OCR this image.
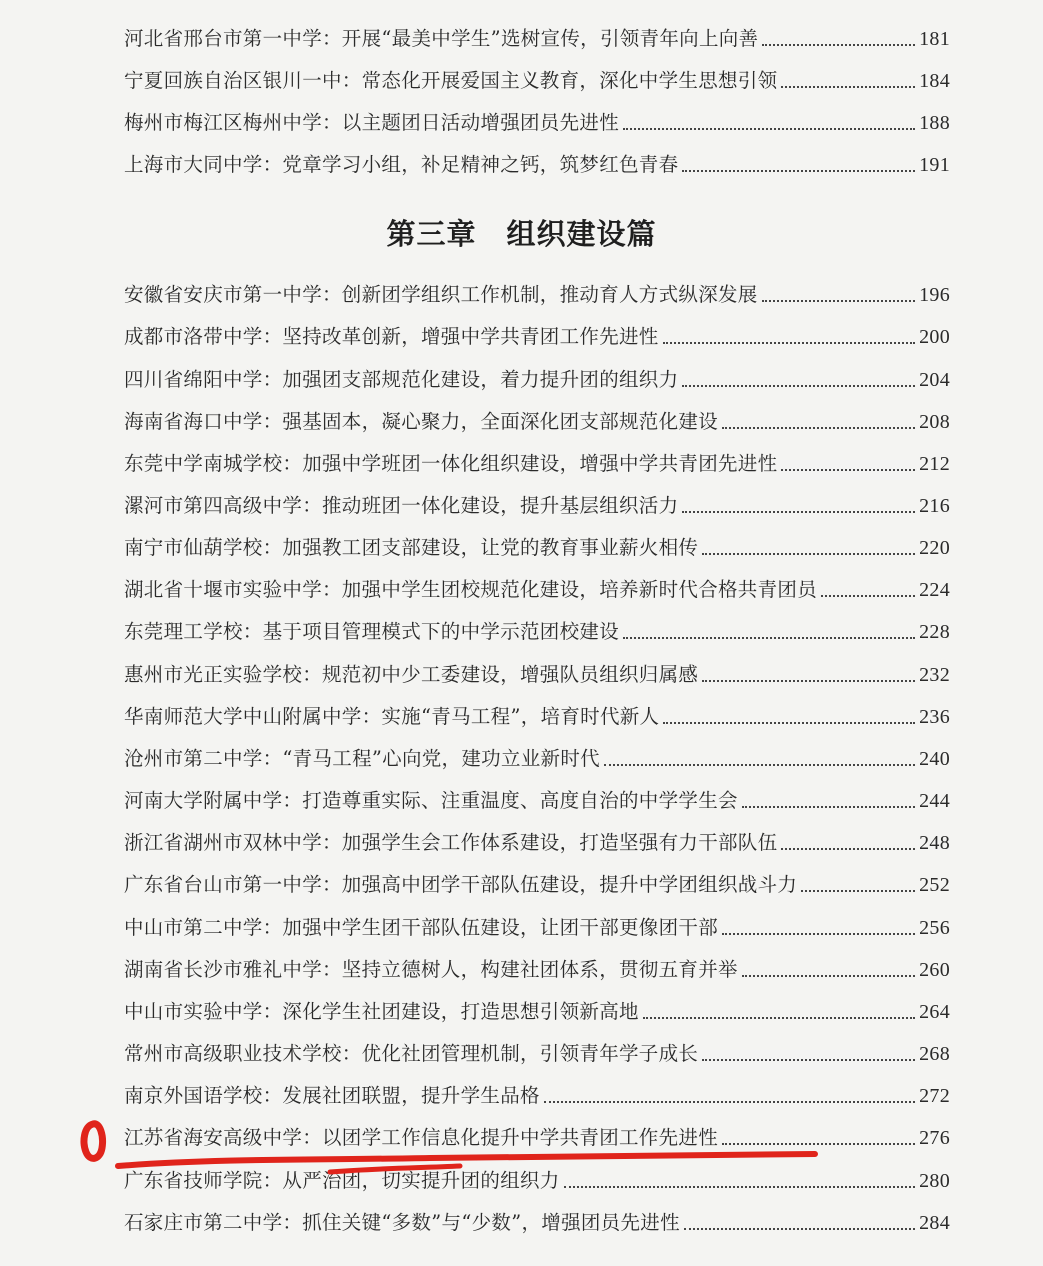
河北省邢台市第一中学：开展“最美中学生”选树宣传，引领青年向上向善	181
宁夏回族自治区银川一中：常态化开展爱国主义教育，深化中学生思想引领	184
梅州市梅江区梅州中学：以主题团日活动增强团员先进性	188
上海市大同中学：党章学习小组，补足精神之钙，筑梦红色青春	191
第三章 组织建设篇
安徽省安庆市第一中学：创新团学组织工作机制，推动育人方式纵深发展	196
成都市洛带中学：坚持改革创新，增强中学共青团工作先进性	200
四川省绵阳中学：加强团支部规范化建设，着力提升团的组织力	204
海南省海口中学：强基固本，凝心聚力，全面深化团支部规范化建设	208
东莞中学南城学校：加强中学班团一体化组织建设，增强中学共青团先进性	212
漯河市第四高级中学：推动班团一体化建设，提升基层组织活力	216
南宁市仙葫学校：加强教工团支部建设，让党的教育事业薪火相传	220
湖北省十堰市实验中学：加强中学生团校规范化建设，培养新时代合格共青团员	224
东莞理工学校：基于项目管理模式下的中学示范团校建设	228
惠州市光正实验学校：规范初中少工委建设，增强队员组织归属感	232
华南师范大学中山附属中学：实施“青马工程”，培育时代新人	236
沧州市第二中学：“青马工程”心向党，建功立业新时代	240
河南大学附属中学：打造尊重实际、注重温度、高度自治的中学学生会	244
浙江省湖州市双林中学：加强学生会工作体系建设，打造坚强有力干部队伍	248
广东省台山市第一中学：加强高中团学干部队伍建设，提升中学团组织战斗力	252
中山市第二中学：加强中学生团干部队伍建设，让团干部更像团干部	256
湖南省长沙市雅礼中学：坚持立德树人，构建社团体系，贯彻五育并举	260
中山市实验中学：深化学生社团建设，打造思想引领新高地	264
常州市高级职业技术学校：优化社团管理机制，引领青年学子成长	268
南京外国语学校：发展社团联盟，提升学生品格	272
江苏省海安高级中学：以团学工作信息化提升中学共青团工作先进性	276
广东省技师学院：从严治团，切实提升团的组织力	280
石家庄市第二中学：抓住关键“多数”与“少数”，增强团员先进性	284
